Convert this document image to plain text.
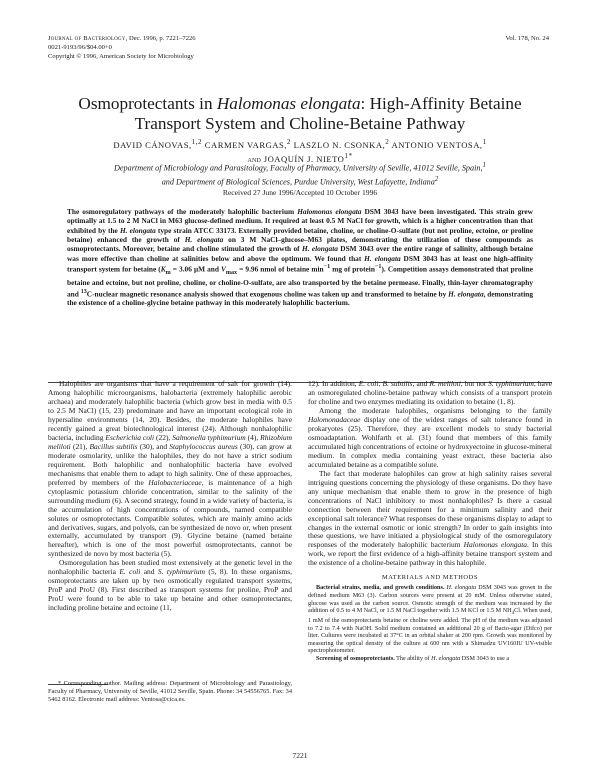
Journal of Bacteriology, Dec. 1996, p. 7221–7226
0021-9193/96/$04.00+0
Copyright © 1996, American Society for Microbiology
Vol. 178, No. 24
Osmoprotectants in Halomonas elongata: High-Affinity Betaine
Transport System and Choline-Betaine Pathway
DAVID CÁNOVAS,$^{1,2}$ CARMEN VARGAS,$^2$ LASZLO N. CSONKA,$^2$ ANTONIO VENTOSA,$^1$
and JOAQUÍN J. $NIETO^{1*}$
Department of Microbiology and Parasitology, Faculty of Pharmacy, University of Seville, 41012 Seville, Spain,$^1$
and Department of Biological Sciences, Purdue University, West Lafayette, Indiana$^2$
Received 27 June 1996/Accepted 10 October 1996

The osmoregulatory pathways of the moderately halophilic bacterium Halomonas elongata DSM 3043 have been investigated. This strain grew optimally at 1.5 to 2 M NaCl in M63 glucose-defined medium. It required at least 0.5 M NaCl for growth, which is a higher concentration than that exhibited by the H. elongata type strain ATCC 33173. Externally provided betaine, choline, or choline-O-sulfate (but not proline, ectoine, or proline betaine) enhanced the growth of H. elongata on 3 M NaCl–glucose–M63 plates, demonstrating the utilization of these compounds as osmoprotectants. Moreover, betaine and choline stimulated the growth of H. elongata DSM 3043 over the entire range of salinity, although betaine was more effective than choline at salinities below and above the optimum. We found that H. elongata DSM 3043 has at least one high-affinity transport system for betaine ($K_m = 3.06$ μM and $V_{max} = 9.96$ nmol of betaine $\min^{-1}$ mg of protein$^{-1}$). Competition assays demonstrated that proline betaine and ectoine, but not proline, choline, or choline-O-sulfate, are also transported by the betaine permease. Finally, thin-layer chromatography and $^{13}$C-nuclear magnetic resonance analysis showed that exogenous choline was taken up and transformed to betaine by H. elongata, demonstrating the existence of a choline-glycine betaine pathway in this moderately halophilic bacterium.

Halophiles are organisms that have a requirement of salt for growth (14). Among halophilic microorganisms, halobacteria (extremely halophilic aerobic archaea) and moderately halophilic bacteria (which grow best in media with 0.5 to 2.5 M NaCl) (15, 23) predominate and have an important ecological role in hypersaline environments (14, 20). Besides, the moderate halophiles have recently gained a great biotechnological interest (24). Although nonhalophilic bacteria, including Escherichia coli (22), Salmonella typhimurium (4), Rhizobium meliloti (21), Bacillus subtilis (30), and Staphylococcus aureus (30), can grow at moderate osmolarity, unlike the halophiles, they do not have a strict sodium requirement. Both halophilic and nonhalophilic bacteria have evolved mechanisms that enable them to adapt to high salinity. One of these approaches, preferred by members of the Halobacteriaceae, is maintenance of a high cytoplasmic potassium chloride concentration, similar to the salinity of the surrounding medium (6). A second strategy, found in a wide variety of bacteria, is the accumulation of high concentrations of compounds, named compatible solutes or osmoprotectants. Compatible solutes, which are mainly amino acids and derivatives, sugars, and polyols, can be synthesized de novo or, when present externally, accumulated by transport (9). Glycine betaine (named betaine hereafter), which is one of the most powerful osmoprotectants, cannot be synthesized de novo by most bacteria (5).

Osmoregulation has been studied most extensively at the genetic level in the nonhalophilic bacteria E. coli and S. typhimurium (5, 8). In these organisms, osmoprotectants are taken up by two osmotically regulated transport systems, ProP and ProU (8). First described as transport systems for proline, ProP and ProU were found to be able to take up betaine and other osmoprotectants, including proline betaine and ectoine (11,

12). In addition, E. coli, B. subtilis, and R. meliloti, but not S. typhimurium, have an osmoregulated choline-betaine pathway which consists of a transport protein for choline and two enzymes mediating its oxidation to betaine (1, 8).

Among the moderate halophiles, organisms belonging to the family Halomonadaceae display one of the widest ranges of salt tolerance found in prokaryotes (25). Therefore, they are excellent models to study bacterial osmoadaptation. Wohlfarth et al. (31) found that members of this family accumulated high concentrations of ectoine or hydroxyectoine in glucose-mineral medium. In complex media containing yeast extract, these bacteria also accumulated betaine as a compatible solute.

The fact that moderate halophiles can grow at high salinity raises several intriguing questions concerning the physiology of these organisms. Do they have any unique mechanism that enable them to grow in the presence of high concentrations of NaCl inhibitory to most nonhalophiles? Is there a casual connection between their requirement for a minimum salinity and their exceptional salt tolerance? What responses do these organisms display to adapt to changes in the external osmotic or ionic strength? In order to gain insights into these questions, we have initiated a physiological study of the osmoregulatory responses of the moderately halophilic bacterium Halomonas elongata. In this work, we report the first evidence of a high-affinity betaine transport system and the existence of a choline-betaine pathway in this halophile.

MATERIALS AND METHODS

Bacterial strains, media, and growth conditions. H. elongata DSM 3043 was grown in the defined medium M63 (3). Carbon sources were present at 20 mM. Unless otherwise stated, glucose was used as the carbon source. Osmotic strength of the medium was increased by the addition of 0.5 to 4 M NaCl, or 1.5 M NaCl together with 1.5 M KCl or 1.5 M $NH_4Cl$. When used, 1 mM of the osmoprotectants betaine or choline were added. The pH of the medium was adjusted to 7.2 to 7.4 with NaOH. Solid medium contained an additional 20 g of Bacto-agar (Difco) per liter. Cultures were incubated at 37°C in an orbital shaker at 200 rpm. Growth was monitored by measuring the optical density of the culture at 600 nm with a Shimadzu UV160IU UV-visible spectrophotometer.

Screening of osmoprotectants. The ability of H. elongata DSM 3043 to use a

* Corresponding author. Mailing address: Department of Microbiology and Parasitology, Faculty of Pharmacy, University of Seville, 41012 Seville, Spain. Phone: 34 54556765. Fax: 34 5462 8162. Electronic mail address: Ventosa@cica.es.

7221
